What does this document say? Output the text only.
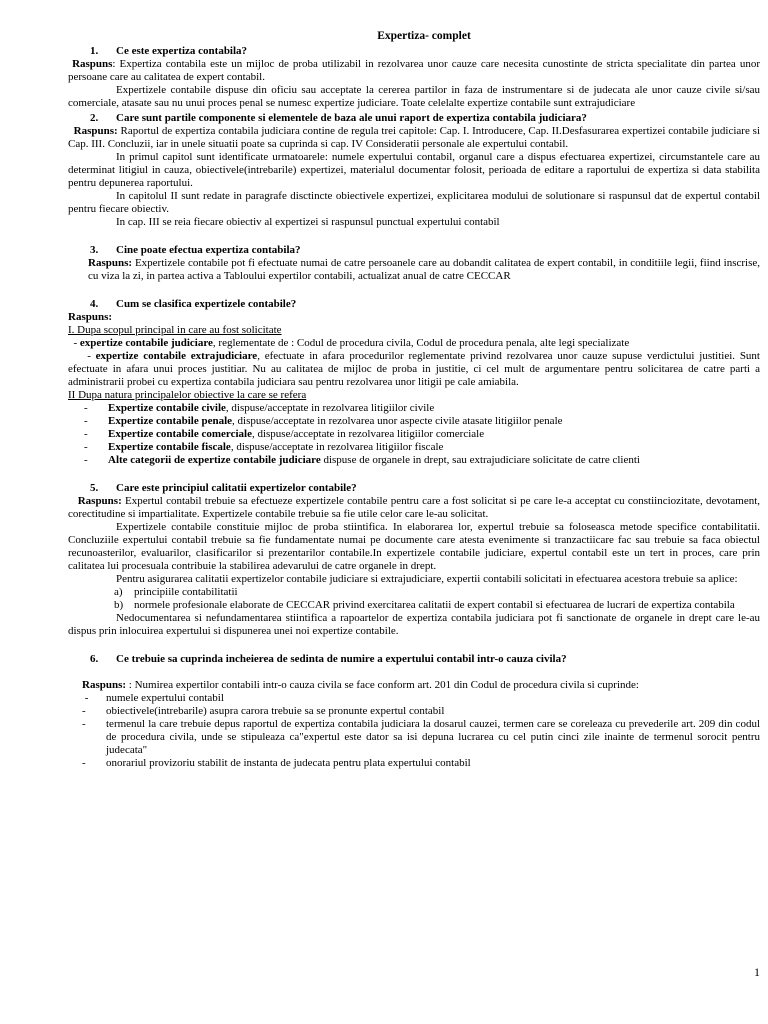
Expertiza- complet

1. Ce este expertiza contabila?

Raspuns: Expertiza contabila este un mijloc de proba utilizabil in rezolvarea unor cauze care necesita cunostinte de stricta specialitate din partea unor persoane care au calitatea de expert contabil.

Expertizele contabile dispuse din oficiu sau acceptate la cererea partilor in faza de instrumentare si de judecata ale unor cauze civile si/sau comerciale, atasate sau nu unui proces penal se numesc expertize judiciare. Toate celelalte expertize contabile sunt extrajudiciare

2. Care sunt partile componente si elementele de baza ale unui raport de expertiza contabila judiciara?

Raspuns: Raportul de expertiza contabila judiciara contine de regula trei capitole: Cap. I. Introducere, Cap. II.Desfasurarea expertizei contabile judiciare si Cap. III. Concluzii, iar in unele situatii poate sa cuprinda si cap. IV Consideratii personale ale expertului contabil.

In primul capitol sunt identificate urmatoarele: numele expertului contabil, organul care a dispus efectuarea expertizei, circumstantele care au determinat litigiul in cauza, obiectivele(intrebarile) expertizei, materialul documentar folosit, perioada de editare a raportului de expertiza si data stabilita pentru depunerea raportului.

In capitolul II sunt redate in paragrafe disctincte obiectivele expertizei, explicitarea modului de solutionare si raspunsul dat de expertul contabil pentru fiecare obiectiv.

In cap. III se reia fiecare obiectiv al expertizei si raspunsul punctual expertului contabil

3. Cine poate efectua expertiza contabila?

Raspuns: Expertizele contabile pot fi efectuate numai de catre persoanele care au dobandit calitatea de expert contabil, in conditiile legii, fiind inscrise, cu viza la zi, in partea activa a Tabloului expertilor contabili, actualizat anual de catre CECCAR

4. Cum se clasifica expertizele contabile?

Raspuns:

I. Dupa scopul principal in care au fost solicitate

- expertize contabile judiciare, reglementate de : Codul de procedura civila, Codul de procedura penala, alte legi specializate

- expertize contabile extrajudiciare, efectuate in afara procedurilor reglementate privind rezolvarea unor cauze supuse verdictului justitiei. Sunt efectuate in afara unui proces justitiar. Nu au calitatea de mijloc de proba in justitie, ci cel mult de argumentare pentru solicitarea de catre parti a administrarii probei cu expertiza contabila judiciara sau pentru rezolvarea unor litigii pe cale amiabila.

II Dupa natura principalelor obiective la care se refera

- Expertize contabile civile, dispuse/acceptate in rezolvarea litigiilor civile
- Expertize contabile penale, dispuse/acceptate in rezolvarea unor aspecte civile atasate litigiilor penale
- Expertize contabile comerciale, dispuse/acceptate in rezolvarea litigiilor comerciale
- Expertize contabile fiscale, dispuse/acceptate in rezolvarea litigiilor fiscale
- Alte categorii de expertize contabile judiciare dispuse de organele in drept, sau extrajudiciare solicitate de catre clienti

5. Care este principiul calitatii expertizelor contabile?

Raspuns: Expertul contabil trebuie sa efectueze expertizele contabile pentru care a fost solicitat si pe care le-a acceptat cu constiinciozitate, devotament, corectitudine si impartialitate. Expertizele contabile trebuie sa fie utile celor care le-au solicitat.

Expertizele contabile constituie mijloc de proba stiintifica. In elaborarea lor, expertul trebuie sa foloseasca metode specifice contabilitatii. Concluziile expertului contabil trebuie sa fie fundamentate numai pe documente care atesta evenimente si tranzactiicare fac sau trebuie sa faca obiectul recunoasterilor, evaluarilor, clasificarilor si prezentarilor contabile.In expertizele contabile judiciare, expertul contabil este un tert in proces, care prin calitatea lui procesuala contribuie la stabilirea adevarului de catre organele in drept.

Pentru asigurarea calitatii expertizelor contabile judiciare si extrajudiciare, expertii contabili solicitati in efectuarea acestora trebuie sa aplice:

a) principiile contabilitatii
b) normele profesionale elaborate de CECCAR privind exercitarea calitatii de expert contabil si efectuarea de lucrari de expertiza contabila

Nedocumentarea si nefundamentarea stiintifica a rapoartelor de expertiza contabila judiciara pot fi sanctionate de organele in drept care le-au dispus prin inlocuirea expertului si dispunerea unei noi expertize contabile.

6. Ce trebuie sa cuprinda incheierea de sedinta de numire a expertului contabil intr-o cauza civila?

Raspuns: : Numirea expertilor contabili intr-o cauza civila se face conform art. 201 din Codul de procedura civila si cuprinde:

- numele expertului contabil
- obiectivele(intrebarile) asupra carora trebuie sa se pronunte expertul contabil
- termenul la care trebuie depus raportul de expertiza contabila judiciara la dosarul cauzei, termen care se coreleaza cu prevederile art. 209 din codul de procedura civila, unde se stipuleaza ca"expertul este dator sa isi depuna lucrarea cu cel putin cinci zile inainte de termenul sorocit pentru judecata"
- onorariul provizoriu stabilit de instanta de judecata pentru plata expertului contabil
1
